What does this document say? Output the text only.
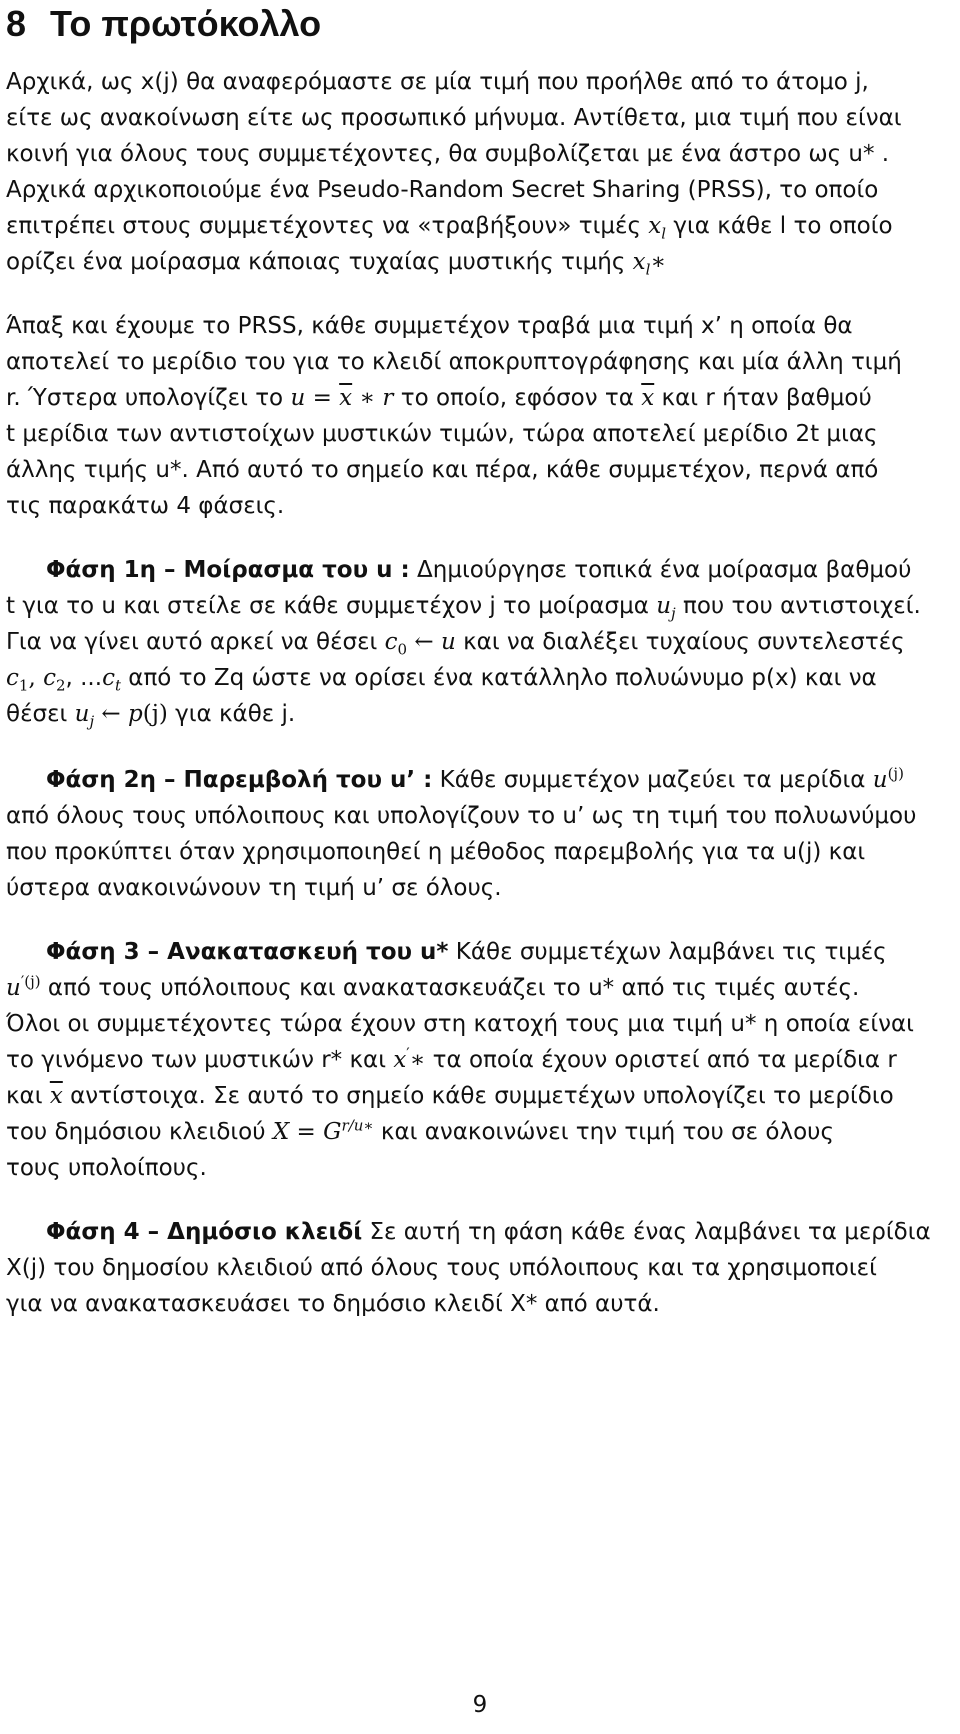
8 Το πρωτόκολλο

Αρχικά, ως x(j) θα αναφερόμαστε σε μία τιμή που προήλθε από το άτομο j,

είτε ως ανακοίνωση είτε ως προσωπικό μήνυμα. Αντίθετα, μια τιμή που είναι

κοινή για όλους τους συμμετέχοντες, θα συμβολίζεται με ένα άστρο ως u* .

Αρχικά αρχικοποιούμε ένα Pseudo-Random Secret Sharing (PRSS), το οποίο

επιτρέπει στους συμμετέχοντες να «τραβήξουν» τιμές $x_l$ για κάθε l το οποίο

ορίζει ένα μοίρασμα κάποιας τυχαίας μυστικής τιμής $x_l∗$

Άπαξ και έχουμε το PRSS, κάθε συμμετέχον τραβά μια τιμή x’ η οποία θα

αποτελεί το μερίδιο του για το κλειδί αποκρυπτογράφησης και μία άλλη τιμή

r. Ύστερα υπολογίζει το $u = \overline{x}$ ∗ r το οποίο, εφόσον τα $\overline{x}$ και r ήταν βαθμού

t μερίδια των αντιστοίχων μυστικών τιμών, τώρα αποτελεί μερίδιο 2t μιας

άλλης τιμής u*. Από αυτό το σημείο και πέρα, κάθε συμμετέχον, περνά από

τις παρακάτω 4 φάσεις.

Φάση 1η – Μοίρασμα του u : Δημιούργησε τοπικά ένα μοίρασμα βαθμού

t για το u και στείλε σε κάθε συμμετέχον j το μοίρασμα $u_j$ που του αντιστοιχεί.

Για να γίνει αυτό αρκεί να θέσει $c_0$ ← u και να διαλέξει τυχαίους συντελεστές

$c_1$, $c_2$, $...c_t$ από το Zq ώστε να ορίσει ένα κατάλληλο πολυώνυμο p(x) και να

θέσει $u_j$ ← p(j) για κάθε j.

Φάση 2η – Παρεμβολή του u’ : Κάθε συμμετέχον μαζεύει τα μερίδια $u^{(j)}$

από όλους τους υπόλοιπους και υπολογίζουν το u’ ως τη τιμή του πολυωνύμου

που προκύπτει όταν χρησιμοποιηθεί η μέθοδος παρεμβολής για τα u(j) και

ύστερα ανακοινώνουν τη τιμή u’ σε όλους.

Φάση 3 – Ανακατασκευή του u* Κάθε συμμετέχων λαμβάνει τις τιμές

$u^{'(j)}$ από τους υπόλοιπους και ανακατασκευάζει το u* από τις τιμές αυτές.

Όλοι οι συμμετέχοντες τώρα έχουν στη κατοχή τους μια τιμή u* η οποία είναι

το γινόμενο των μυστικών r* και x′∗ τα οποία έχουν οριστεί από τα μερίδια r

και $\overline{x}$ αντίστοιχα. Σε αυτό το σημείο κάθε συμμετέχων υπολογίζει το μερίδιο

του δημόσιου κλειδιού $X = G^{r/u∗}$ και ανακοινώνει την τιμή του σε όλους

τους υπολοίπους.

Φάση 4 – Δημόσιο κλειδί Σε αυτή τη φάση κάθε ένας λαμβάνει τα μερίδια

X(j) του δημοσίου κλειδιού από όλους τους υπόλοιπους και τα χρησιμοποιεί

για να ανακατασκευάσει το δημόσιο κλειδί X* από αυτά.

9
